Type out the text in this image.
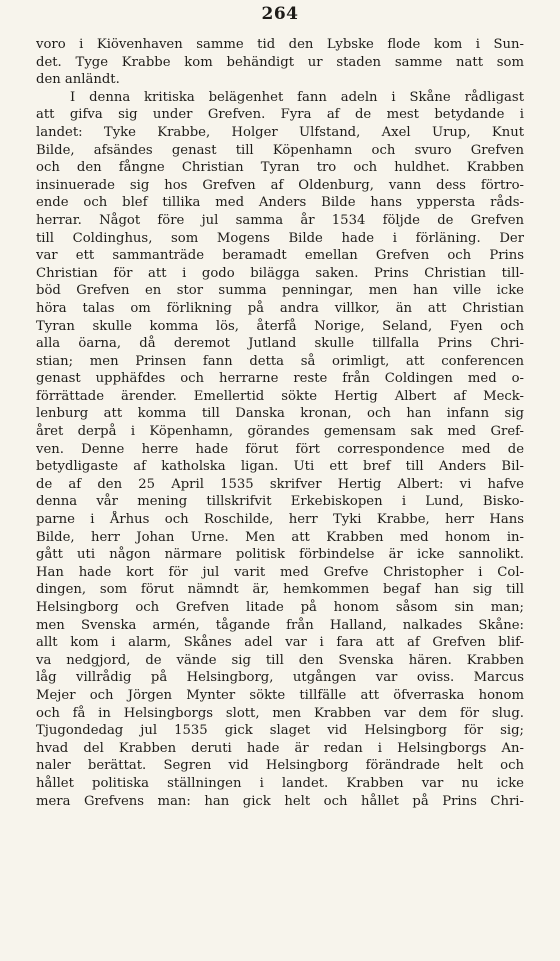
264
voro i Kiövenhaven samme tid den Lybske flode kom i Sun-
det. Tyge Krabbe kom behändigt ur staden samme natt som
den anländt.
I denna kritiska belägenhet fann adeln i Skåne rådligast
att gifva sig under Grefven. Fyra af de mest betydande i
landet: Tyke Krabbe, Holger Ulfstand, Axel Urup, Knut
Bilde, afsändes genast till Köpenhamn och svuro Grefven
och den fångne Christian Tyran tro och huldhet. Krabben
insinuerade sig hos Grefven af Oldenburg, vann dess förtro-
ende och blef tillika med Anders Bilde hans yppersta råds-
herrar. Något före jul samma år 1534 följde de Grefven
till Coldinghus, som Mogens Bilde hade i förläning. Der
var ett sammanträde beramadt emellan Grefven och Prins
Christian för att i godo bilägga saken. Prins Christian till-
böd Grefven en stor summa penningar, men han ville icke
höra talas om förlikning på andra villkor, än att Christian
Tyran skulle komma lös, återfå Norige, Seland, Fyen och
alla öarna, då deremot Jutland skulle tillfalla Prins Chri-
stian; men Prinsen fann detta så orimligt, att conferencen
genast upphäfdes och herrarne reste från Coldingen med o-
förrättade ärender. Emellertid sökte Hertig Albert af Meck-
lenburg att komma till Danska kronan, och han infann sig
året derpå i Köpenhamn, görandes gemensam sak med Gref-
ven. Denne herre hade förut fört correspondence med de
betydligaste af katholska ligan. Uti ett bref till Anders Bil-
de af den 25 April 1535 skrifver Hertig Albert: vi hafve
denna vår mening tillskrifvit Erkebiskopen i Lund, Bisko-
parne i Århus och Roschilde, herr Tyki Krabbe, herr Hans
Bilde, herr Johan Urne. Men att Krabben med honom in-
gått uti någon närmare politisk förbindelse är icke sannolikt.
Han hade kort för jul varit med Grefve Christopher i Col-
dingen, som förut nämndt är, hemkommen begaf han sig till
Helsingborg och Grefven litade på honom såsom sin man;
men Svenska armén, tågande från Halland, nalkades Skåne:
allt kom i alarm, Skånes adel var i fara att af Grefven blif-
va nedgjord, de vände sig till den Svenska hären. Krabben
låg villrådig på Helsingborg, utgången var oviss. Marcus
Mejer och Jörgen Mynter sökte tillfälle att öfverraska honom
och få in Helsingborgs slott, men Krabben var dem för slug.
Tjugondedag jul 1535 gick slaget vid Helsingborg för sig;
hvad del Krabben deruti hade är redan i Helsingborgs An-
naler berättat. Segren vid Helsingborg förändrade helt och
hållet politiska ställningen i landet. Krabben var nu icke
mera Grefvens man: han gick helt och hållet på Prins Chri-
